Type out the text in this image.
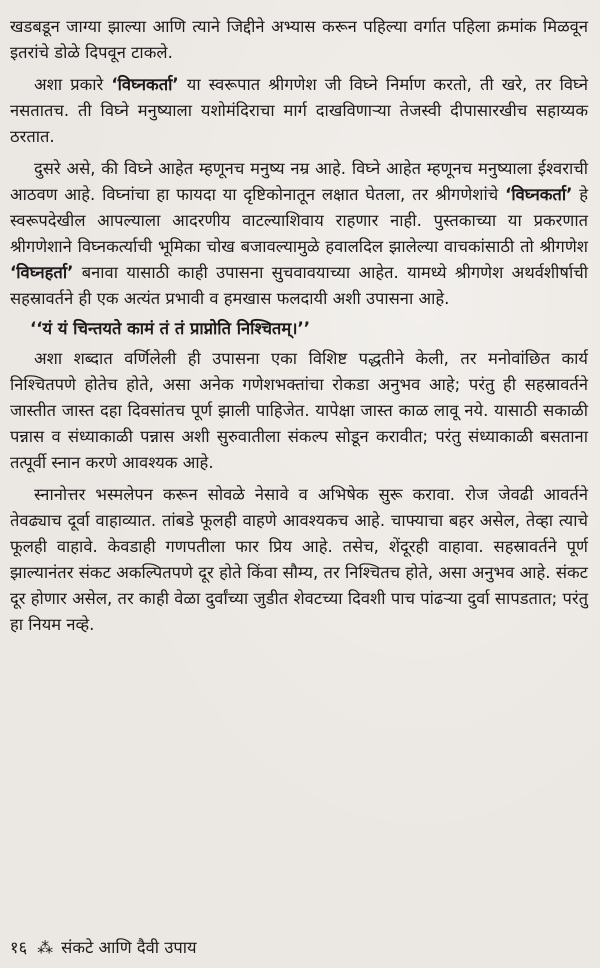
खडबडून जाग्या झाल्या आणि त्याने जिद्दीने अभ्यास करून पहिल्या वर्गात पहिला क्रमांक मिळवून इतरांचे डोळे दिपवून टाकले.

अशा प्रकारे ‘विघ्नकर्ता’ या स्वरूपात श्रीगणेश जी विघ्ने निर्माण करतो, ती खरे, तर विघ्ने नसतातच. ती विघ्ने मनुष्याला यशोमंदिराचा मार्ग दाखविणाऱ्या तेजस्वी दीपासारखीच सहाय्यक ठरतात.

दुसरे असे, की विघ्ने आहेत म्हणूनच मनुष्य नम्र आहे. विघ्ने आहेत म्हणूनच मनुष्याला ईश्वराची आठवण आहे. विघ्नांचा हा फायदा या दृष्टिकोनातून लक्षात घेतला, तर श्रीगणेशांचे ‘विघ्नकर्ता’ हे स्वरूपदेखील आपल्याला आदरणीय वाटल्याशिवाय राहणार नाही. पुस्तकाच्या या प्रकरणात श्रीगणेशाने विघ्नकर्त्याची भूमिका चोख बजावल्यामुळे हवालदिल झालेल्या वाचकांसाठी तो श्रीगणेश ‘विघ्नहर्ता’ बनावा यासाठी काही उपासना सुचवावयाच्या आहेत. यामध्ये श्रीगणेश अथर्वशीर्षाची सहस्रावर्तने ही एक अत्यंत प्रभावी व हमखास फलदायी अशी उपासना आहे.

‘‘यं यं चिन्तयते कामं तं तं प्राप्नोति निश्चितम्।’’

अशा शब्दात वर्णिलेली ही उपासना एका विशिष्ट पद्धतीने केली, तर मनोवांछित कार्य निश्चितपणे होतेच होते, असा अनेक गणेशभक्तांचा रोकडा अनुभव आहे; परंतु ही सहस्रावर्तने जास्तीत जास्त दहा दिवसांतच पूर्ण झाली पाहिजेत. यापेक्षा जास्त काळ लावू नये. यासाठी सकाळी पन्नास व संध्याकाळी पन्नास अशी सुरुवातीला संकल्प सोडून करावीत; परंतु संध्याकाळी बसताना तत्पूर्वी स्नान करणे आवश्यक आहे.

स्नानोत्तर भस्मलेपन करून सोवळे नेसावे व अभिषेक सुरू करावा. रोज जेवढी आवर्तने तेवढ्याच दूर्वा वाहाव्यात. तांबडे फूलही वाहणे आवश्यकच आहे. चाफ्याचा बहर असेल, तेव्हा त्याचे फूलही वाहावे. केवडाही गणपतीला फार प्रिय आहे. तसेच, शेंदूरही वाहावा. सहस्रावर्तने पूर्ण झाल्यानंतर संकट अकल्पितपणे दूर होते किंवा सौम्य, तर निश्चितच होते, असा अनुभव आहे. संकट दूर होणार असेल, तर काही वेळा दुर्वांच्या जुडीत शेवटच्या दिवशी पाच पांढऱ्या दुर्वा सापडतात; परंतु हा नियम नव्हे.

१६ ⁂ संकटे आणि दैवी उपाय
